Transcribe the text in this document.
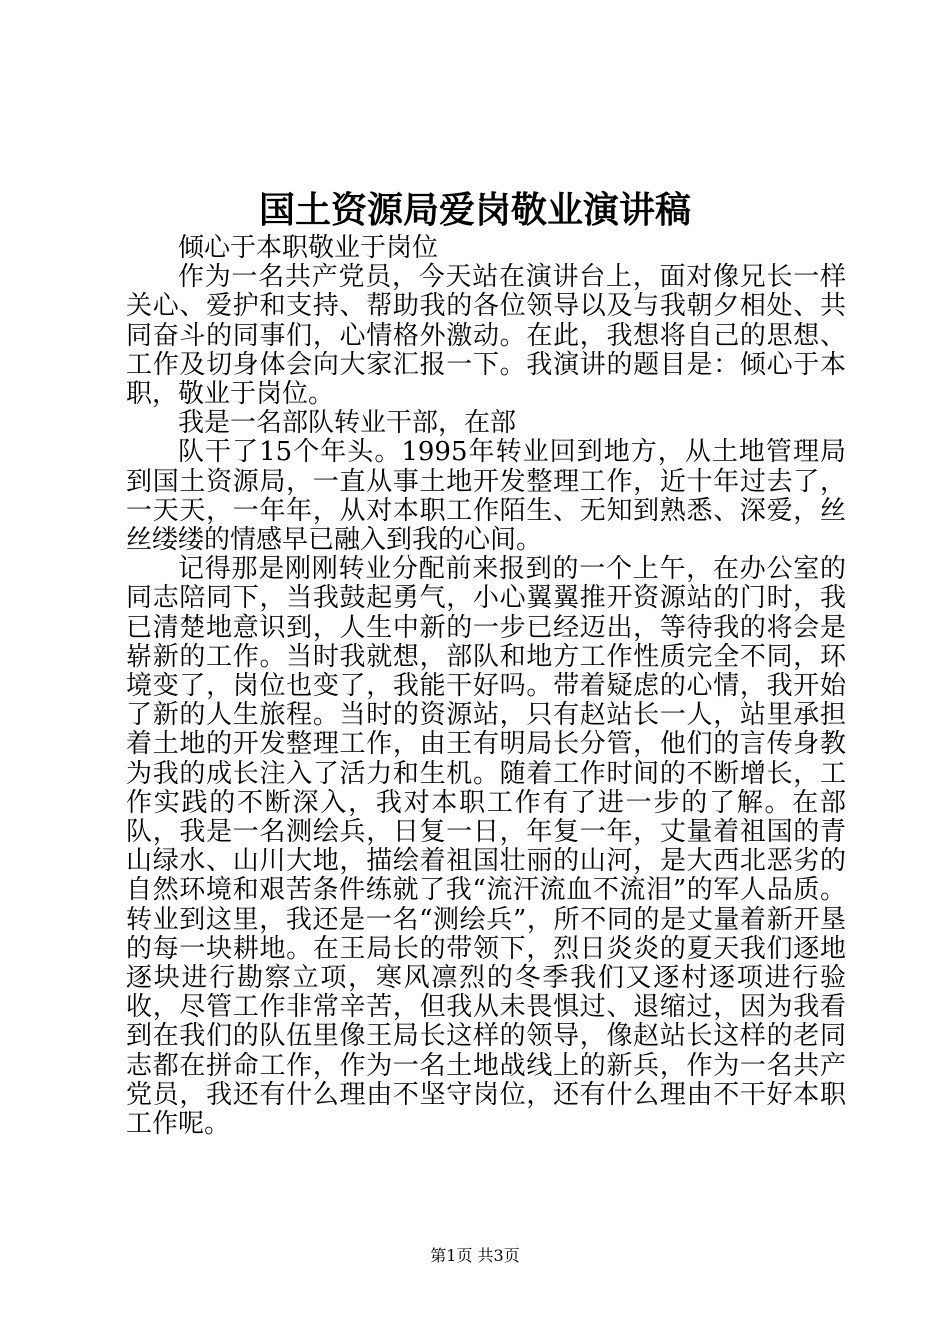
国土资源局爱岗敬业演讲稿

倾心于本职敬业于岗位

作为一名共产党员，今天站在演讲台上，面对像兄长一样关心、爱护和支持、帮助我的各位领导以及与我朝夕相处、共同奋斗的同事们，心情格外激动。在此，我想将自己的思想、工作及切身体会向大家汇报一下。我演讲的题目是：倾心于本职，敬业于岗位。

我是一名部队转业干部，在部

队干了15个年头。1995年转业回到地方，从土地管理局到国土资源局，一直从事土地开发整理工作，近十年过去了，一天天，一年年，从对本职工作陌生、无知到熟悉、深爱，丝丝缕缕的情感早已融入到我的心间。

记得那是刚刚转业分配前来报到的一个上午，在办公室的同志陪同下，当我鼓起勇气，小心翼翼推开资源站的门时，我已清楚地意识到，人生中新的一步已经迈出，等待我的将会是崭新的工作。当时我就想，部队和地方工作性质完全不同，环境变了，岗位也变了，我能干好吗。带着疑虑的心情，我开始了新的人生旅程。当时的资源站，只有赵站长一人，站里承担着土地的开发整理工作，由王有明局长分管，他们的言传身教为我的成长注入了活力和生机。随着工作时间的不断增长，工作实践的不断深入，我对本职工作有了进一步的了解。在部队，我是一名测绘兵，日复一日，年复一年，丈量着祖国的青山绿水、山川大地，描绘着祖国壮丽的山河，是大西北恶劣的自然环境和艰苦条件练就了我“流汗流血不流泪”的军人品质。转业到这里，我还是一名“测绘兵”，所不同的是丈量着新开垦的每一块耕地。在王局长的带领下，烈日炎炎的夏天我们逐地逐块进行勘察立项，寒风凛烈的冬季我们又逐村逐项进行验收，尽管工作非常辛苦，但我从未畏惧过、退缩过，因为我看到在我们的队伍里像王局长这样的领导，像赵站长这样的老同志都在拼命工作，作为一名土地战线上的新兵，作为一名共产党员，我还有什么理由不坚守岗位，还有什么理由不干好本职工作呢。

第1页 共3页
